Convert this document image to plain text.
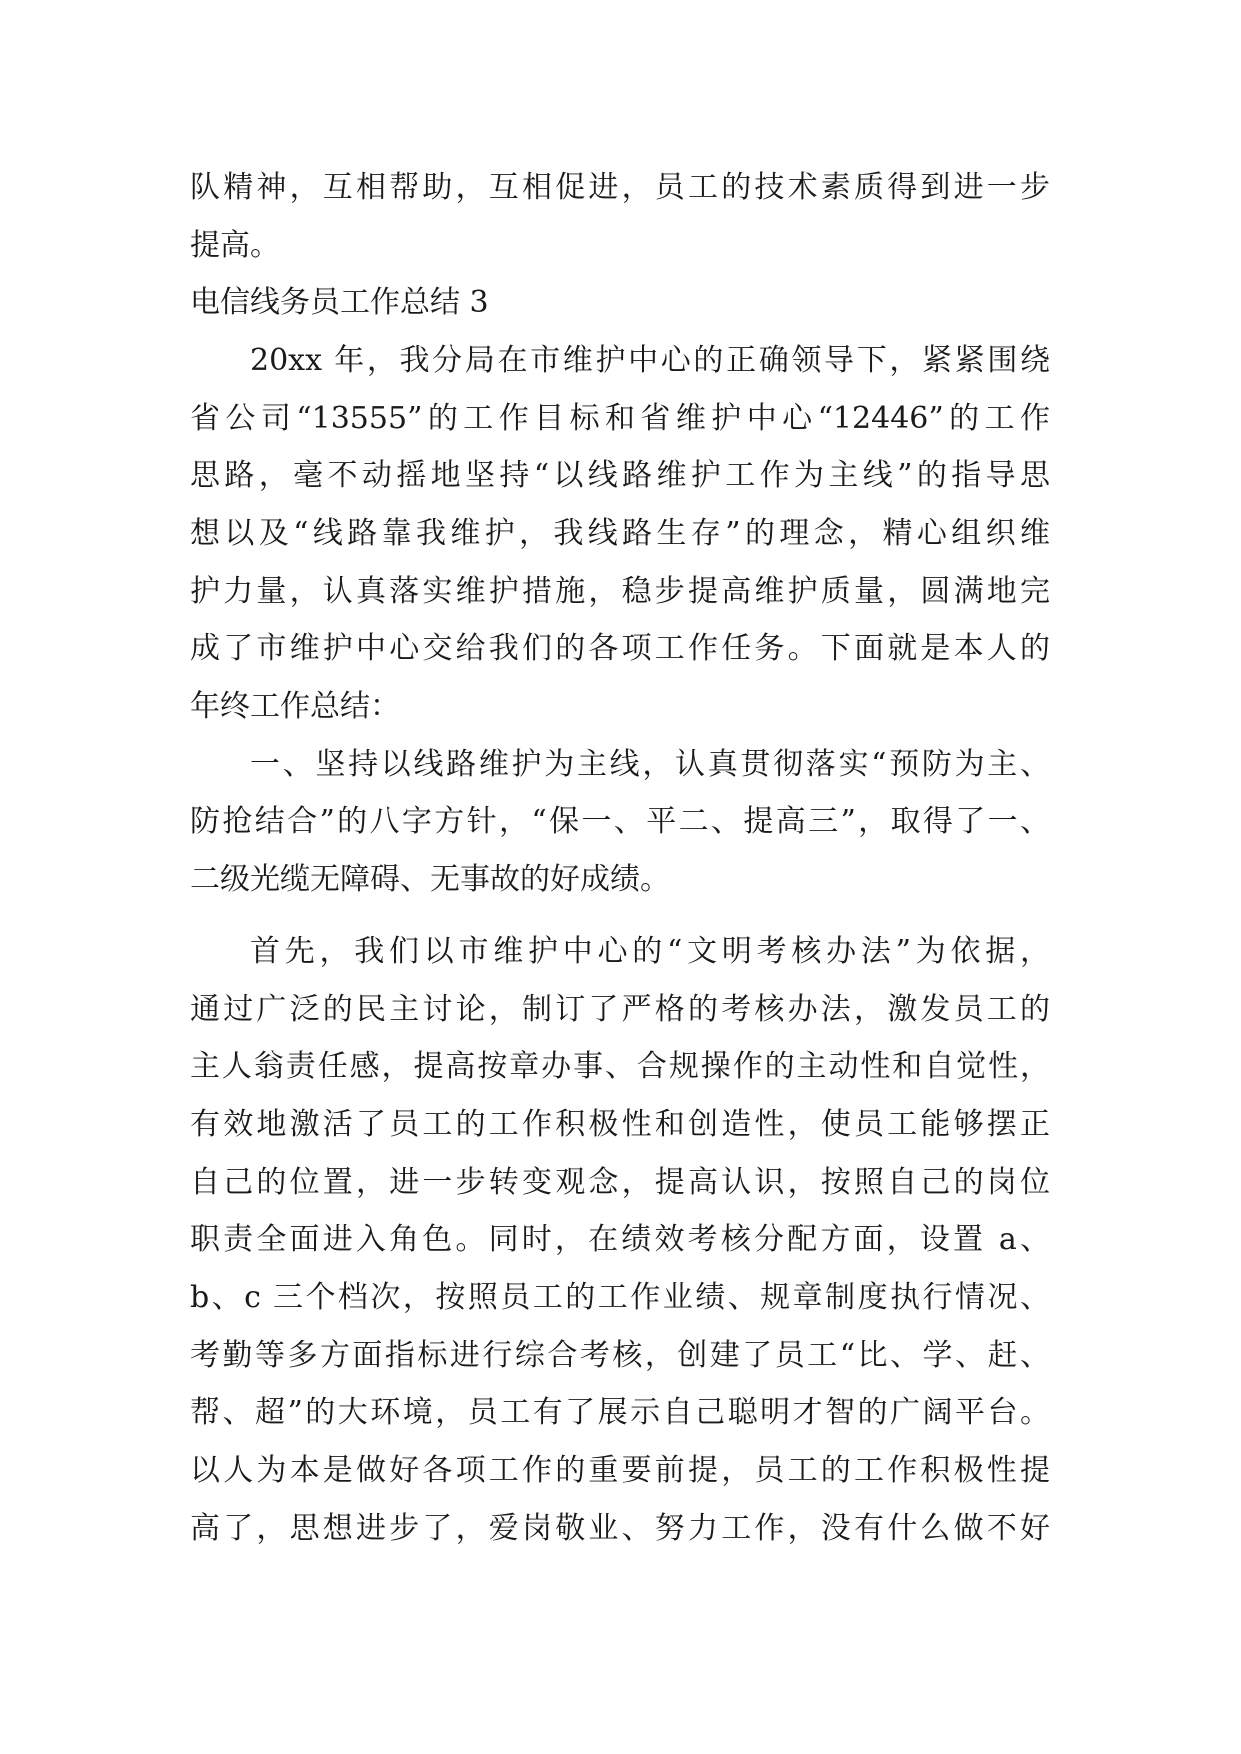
队精神，互相帮助，互相促进，员工的技术素质得到进一步
提高。
电信线务员工作总结 3
20xx 年，我分局在市维护中心的正确领导下，紧紧围绕
省公司“13555”的工作目标和省维护中心“12446”的工作
思路，毫不动摇地坚持“以线路维护工作为主线”的指导思
想以及“线路靠我维护，我线路生存”的理念，精心组织维
护力量，认真落实维护措施，稳步提高维护质量，圆满地完
成了市维护中心交给我们的各项工作任务。下面就是本人的
年终工作总结：
一、坚持以线路维护为主线，认真贯彻落实“预防为主、
防抢结合”的八字方针，“保一、平二、提高三”，取得了一、
二级光缆无障碍、无事故的好成绩。
首先，我们以市维护中心的“文明考核办法”为依据，
通过广泛的民主讨论，制订了严格的考核办法，激发员工的
主人翁责任感，提高按章办事、合规操作的主动性和自觉性，
有效地激活了员工的工作积极性和创造性，使员工能够摆正
自己的位置，进一步转变观念，提高认识，按照自己的岗位
职责全面进入角色。同时，在绩效考核分配方面，设置 a、
b、c 三个档次，按照员工的工作业绩、规章制度执行情况、
考勤等多方面指标进行综合考核，创建了员工“比、学、赶、
帮、超”的大环境，员工有了展示自己聪明才智的广阔平台。
以人为本是做好各项工作的重要前提，员工的工作积极性提
高了，思想进步了，爱岗敬业、努力工作，没有什么做不好
